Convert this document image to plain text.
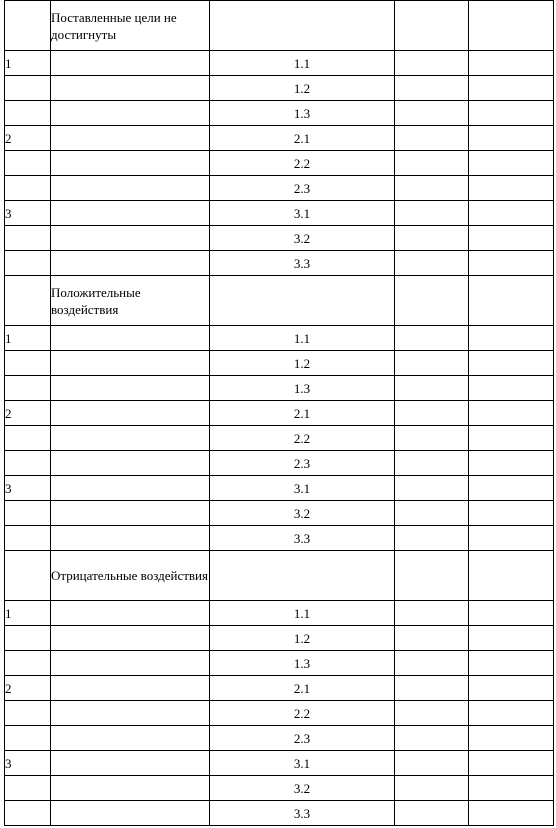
	Поставленные цели не достигнуты			
1		1.1		
		1.2		
		1.3		
2		2.1		
		2.2		
		2.3		
3		3.1		
		3.2		
		3.3		
	Положительные воздействия			
1		1.1		
		1.2		
		1.3		
2		2.1		
		2.2		
		2.3		
3		3.1		
		3.2		
		3.3		
	Отрицательные воздействия			
1		1.1		
		1.2		
		1.3		
2		2.1		
		2.2		
		2.3		
3		3.1		
		3.2		
		3.3		
